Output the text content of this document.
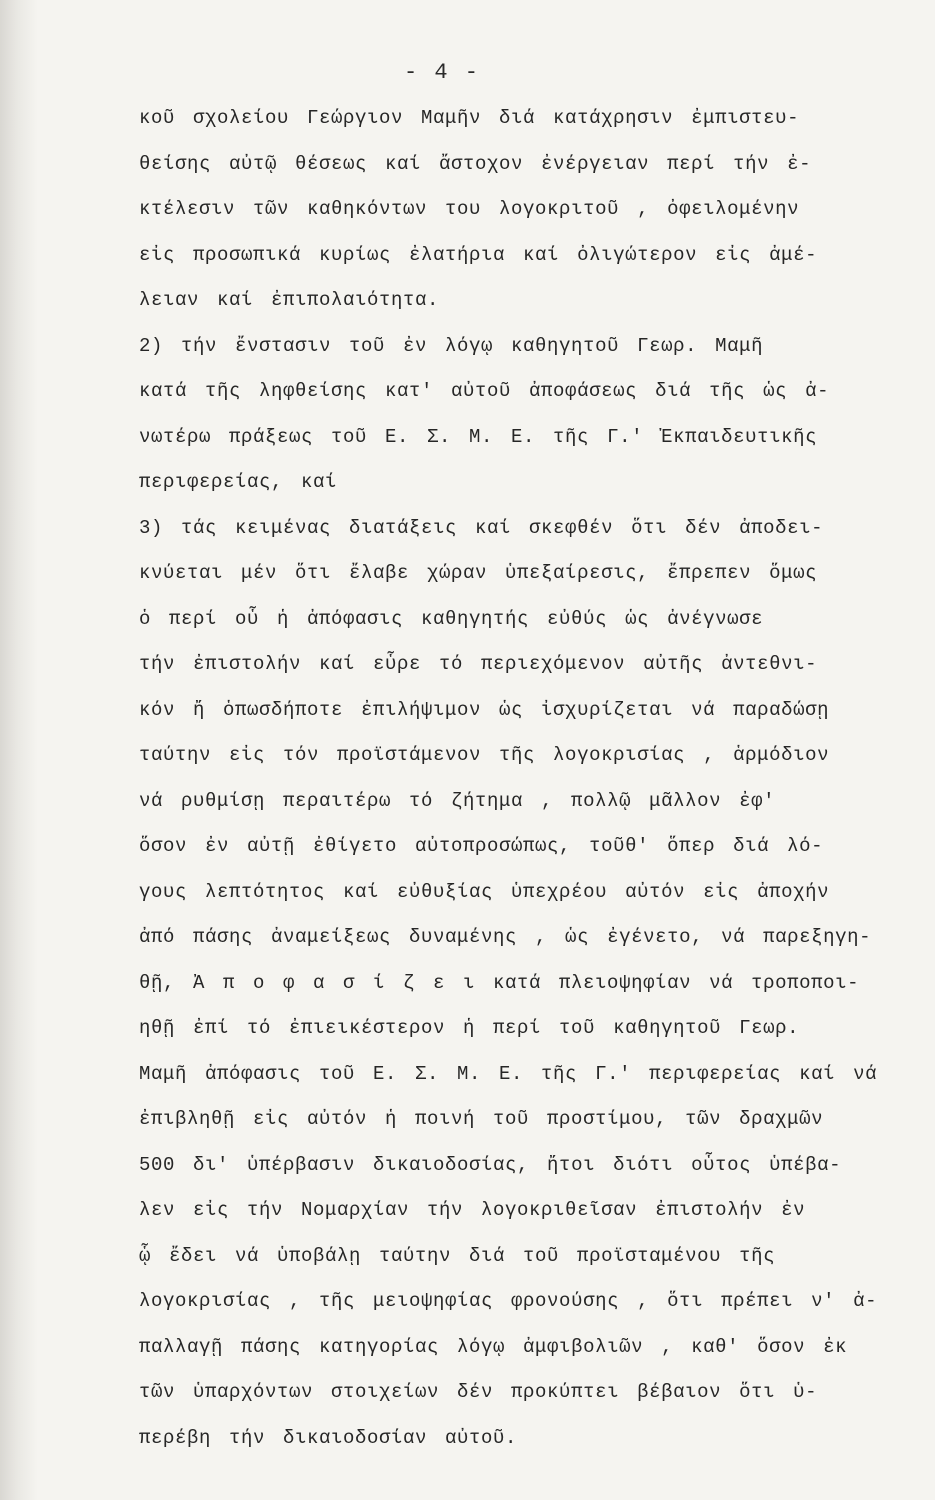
- 4 -
κοῦ σχολείου Γεώργιον Μαμῆν διά κατάχρησιν ἐμπιστευ-
θείσης αὐτῷ θέσεως καί ἄστοχον ἐνέργειαν περί τήν ἐ-
κτέλεσιν τῶν καθηκόντων του λογοκριτοῦ , ὀφειλομένην
εἰς προσωπικά κυρίως ἐλατήρια καί ὀλιγώτερον εἰς ἀμέ-
λειαν καί ἐπιπολαιότητα.
2) τήν ἔνστασιν τοῦ ἐν λόγῳ καθηγητοῦ Γεωρ. Μαμῆ
κατά τῆς ληφθείσης κατ' αὐτοῦ ἀποφάσεως διά τῆς ὡς ἀ-
νωτέρω πράξεως τοῦ Ε. Σ. Μ. Ε. τῆς Γ.' Ἐκπαιδευτικῆς
περιφερείας, καί
3) τάς κειμένας διατάξεις καί σκεφθέν ὅτι δέν ἀποδει-
κνύεται μέν ὅτι ἔλαβε χώραν ὑπεξαίρεσις, ἔπρεπεν ὅμως
ὁ περί οὗ ἡ ἀπόφασις καθηγητής εὐθύς ὡς ἀνέγνωσε
τήν ἐπιστολήν καί εὗρε τό περιεχόμενον αὐτῆς ἀντεθνι-
κόν ἤ ὁπωσδήποτε ἐπιλήψιμον ὡς ἰσχυρίζεται νά παραδώσῃ
ταύτην εἰς τόν προϊστάμενον τῆς λογοκρισίας , ἁρμόδιον
νά ρυθμίσῃ περαιτέρω τό ζήτημα , πολλῷ μᾶλλον ἐφ'
ὅσον ἐν αὐτῇ ἐθίγετο αὐτοπροσώπως, τοῦθ' ὅπερ διά λό-
γους λεπτότητος καί εὐθυξίας ὑπεχρέου αὐτόν εἰς ἀποχήν
ἀπό πάσης ἀναμείξεως δυναμένης , ὡς ἐγένετο, νά παρεξηγη-
θῇ, Ἀ π ο φ α σ ί ζ ε ι κατά πλειοψηφίαν νά τροποποι-
ηθῇ ἐπί τό ἐπιεικέστερον ἡ περί τοῦ καθηγητοῦ Γεωρ.
Μαμῆ ἀπόφασις τοῦ Ε. Σ. Μ. Ε. τῆς Γ.' περιφερείας καί νά
ἐπιβληθῇ εἰς αὐτόν ἡ ποινή τοῦ προστίμου, τῶν δραχμῶν
500 δι' ὑπέρβασιν δικαιοδοσίας, ἤτοι διότι οὗτος ὑπέβα-
λεν εἰς τήν Νομαρχίαν τήν λογοκριθεῖσαν ἐπιστολήν ἐν
ᾧ ἔδει νά ὑποβάλῃ ταύτην διά τοῦ προϊσταμένου τῆς
λογοκρισίας , τῆς μειοψηφίας φρονούσης , ὅτι πρέπει ν' ἀ-
παλλαγῇ πάσης κατηγορίας λόγῳ ἀμφιβολιῶν , καθ' ὅσον ἐκ
τῶν ὑπαρχόντων στοιχείων δέν προκύπτει βέβαιον ὅτι ὑ-
περέβη τήν δικαιοδοσίαν αὐτοῦ.
